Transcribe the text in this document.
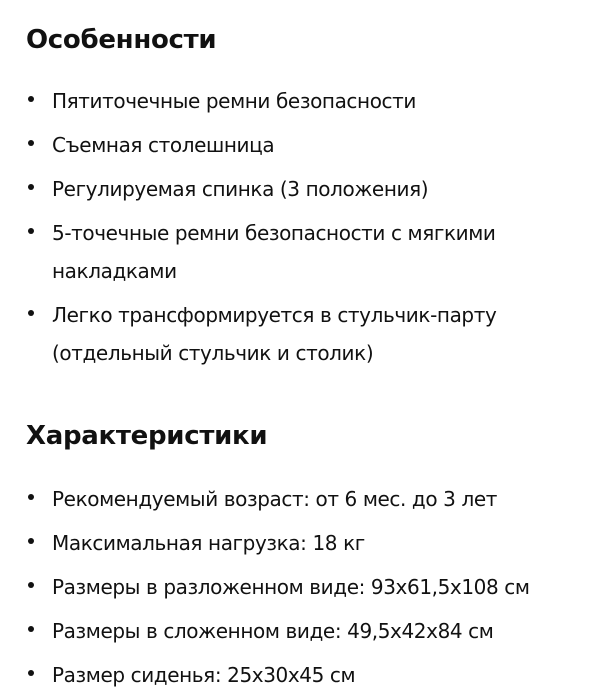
Особенности
Пятиточечные ремни безопасности
Съемная столешница
Регулируемая спинка (3 положения)
5-точечные ремни безопасности с мягкими накладками
Легко трансформируется в стульчик-парту (отдельный стульчик и столик)
Характеристики
Рекомендуемый возраст: от 6 мес. до 3 лет
Максимальная нагрузка: 18 кг
Размеры в разложенном виде: 93x61,5x108 см
Размеры в сложенном виде: 49,5x42x84 см
Размер сиденья: 25x30x45 см
